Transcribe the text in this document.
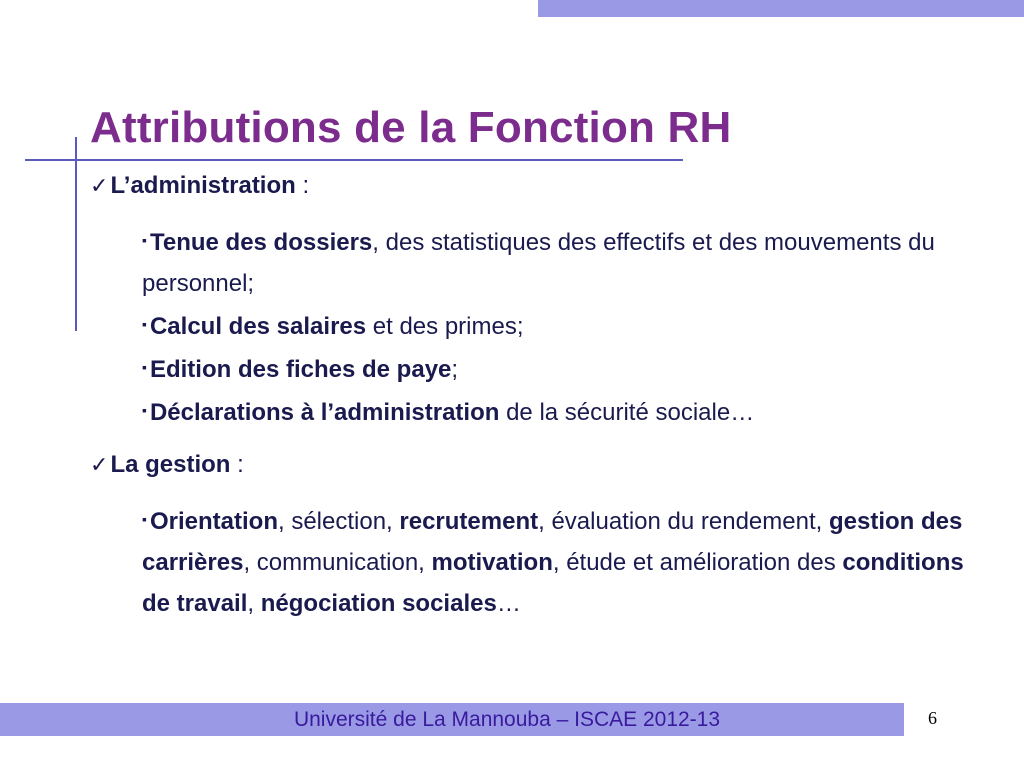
Attributions de la Fonction RH

✓L’administration :

▪ Tenue des dossiers, des statistiques des effectifs et des mouvements du personnel;

▪ Calcul des salaires et des primes;

▪ Edition des fiches de paye;

▪ Déclarations à l’administration de la sécurité sociale…

✓La gestion :

▪ Orientation, sélection, recrutement, évaluation du rendement, gestion des carrières, communication, motivation, étude et amélioration des conditions de travail, négociation sociales…

Université de La Mannouba – ISCAE 2012-13	6
